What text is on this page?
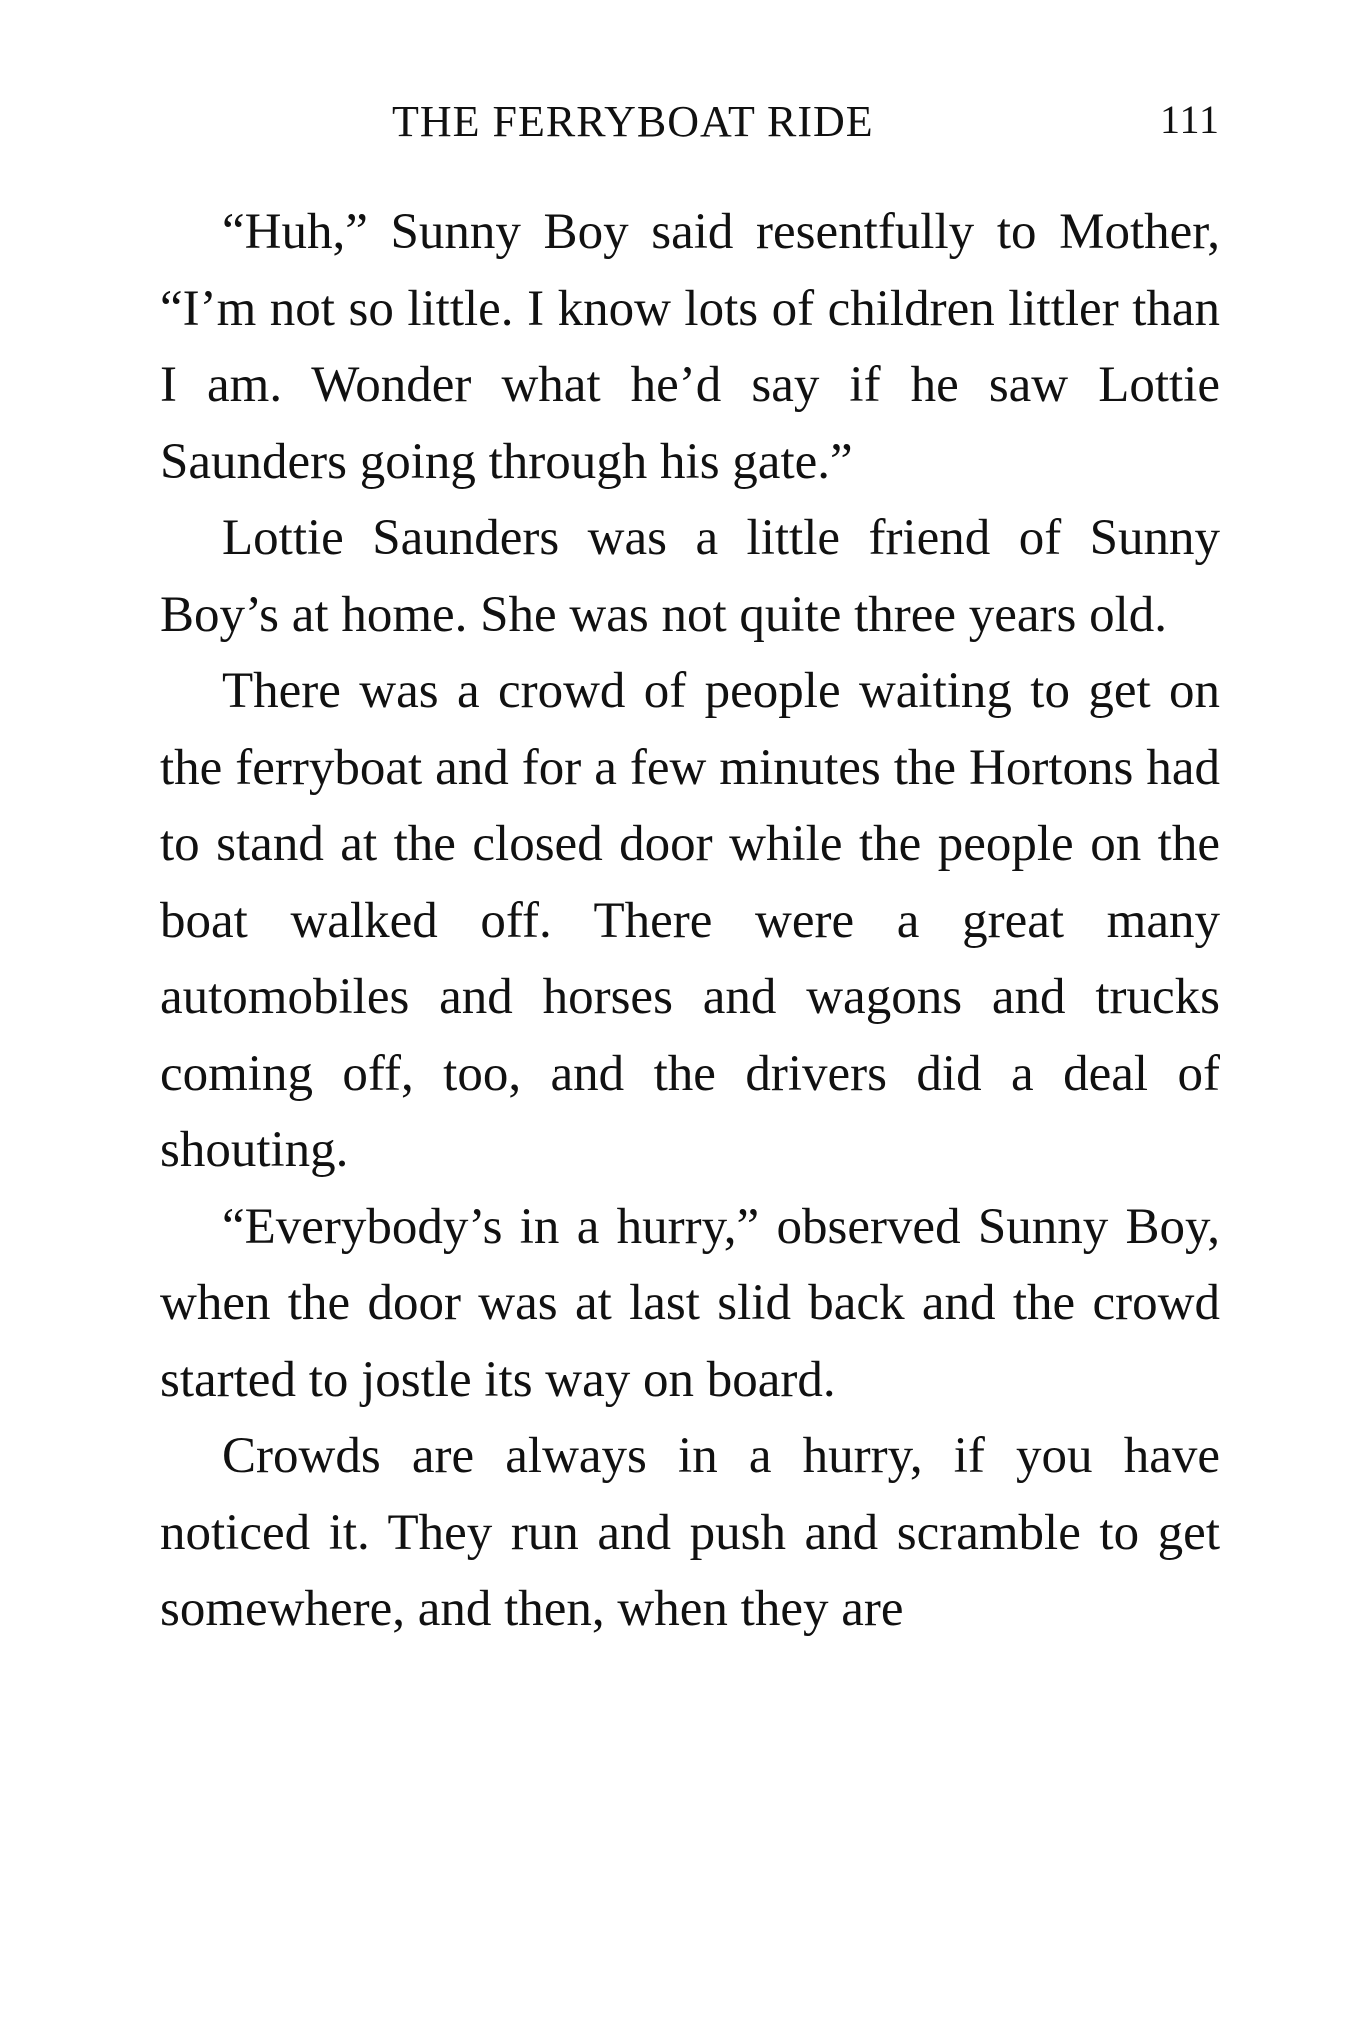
THE FERRYBOAT RIDE	111

“Huh,” Sunny Boy said resentfully to Mother, “I’m not so little. I know lots of children littler than I am. Wonder what he’d say if he saw Lottie Saunders going through his gate.”

Lottie Saunders was a little friend of Sunny Boy’s at home. She was not quite three years old.

There was a crowd of people waiting to get on the ferryboat and for a few minutes the Hortons had to stand at the closed door while the people on the boat walked off. There were a great many automobiles and horses and wagons and trucks coming off, too, and the drivers did a deal of shouting.

“Everybody’s in a hurry,” observed Sunny Boy, when the door was at last slid back and the crowd started to jostle its way on board.

Crowds are always in a hurry, if you have noticed it. They run and push and scramble to get somewhere, and then, when they are
